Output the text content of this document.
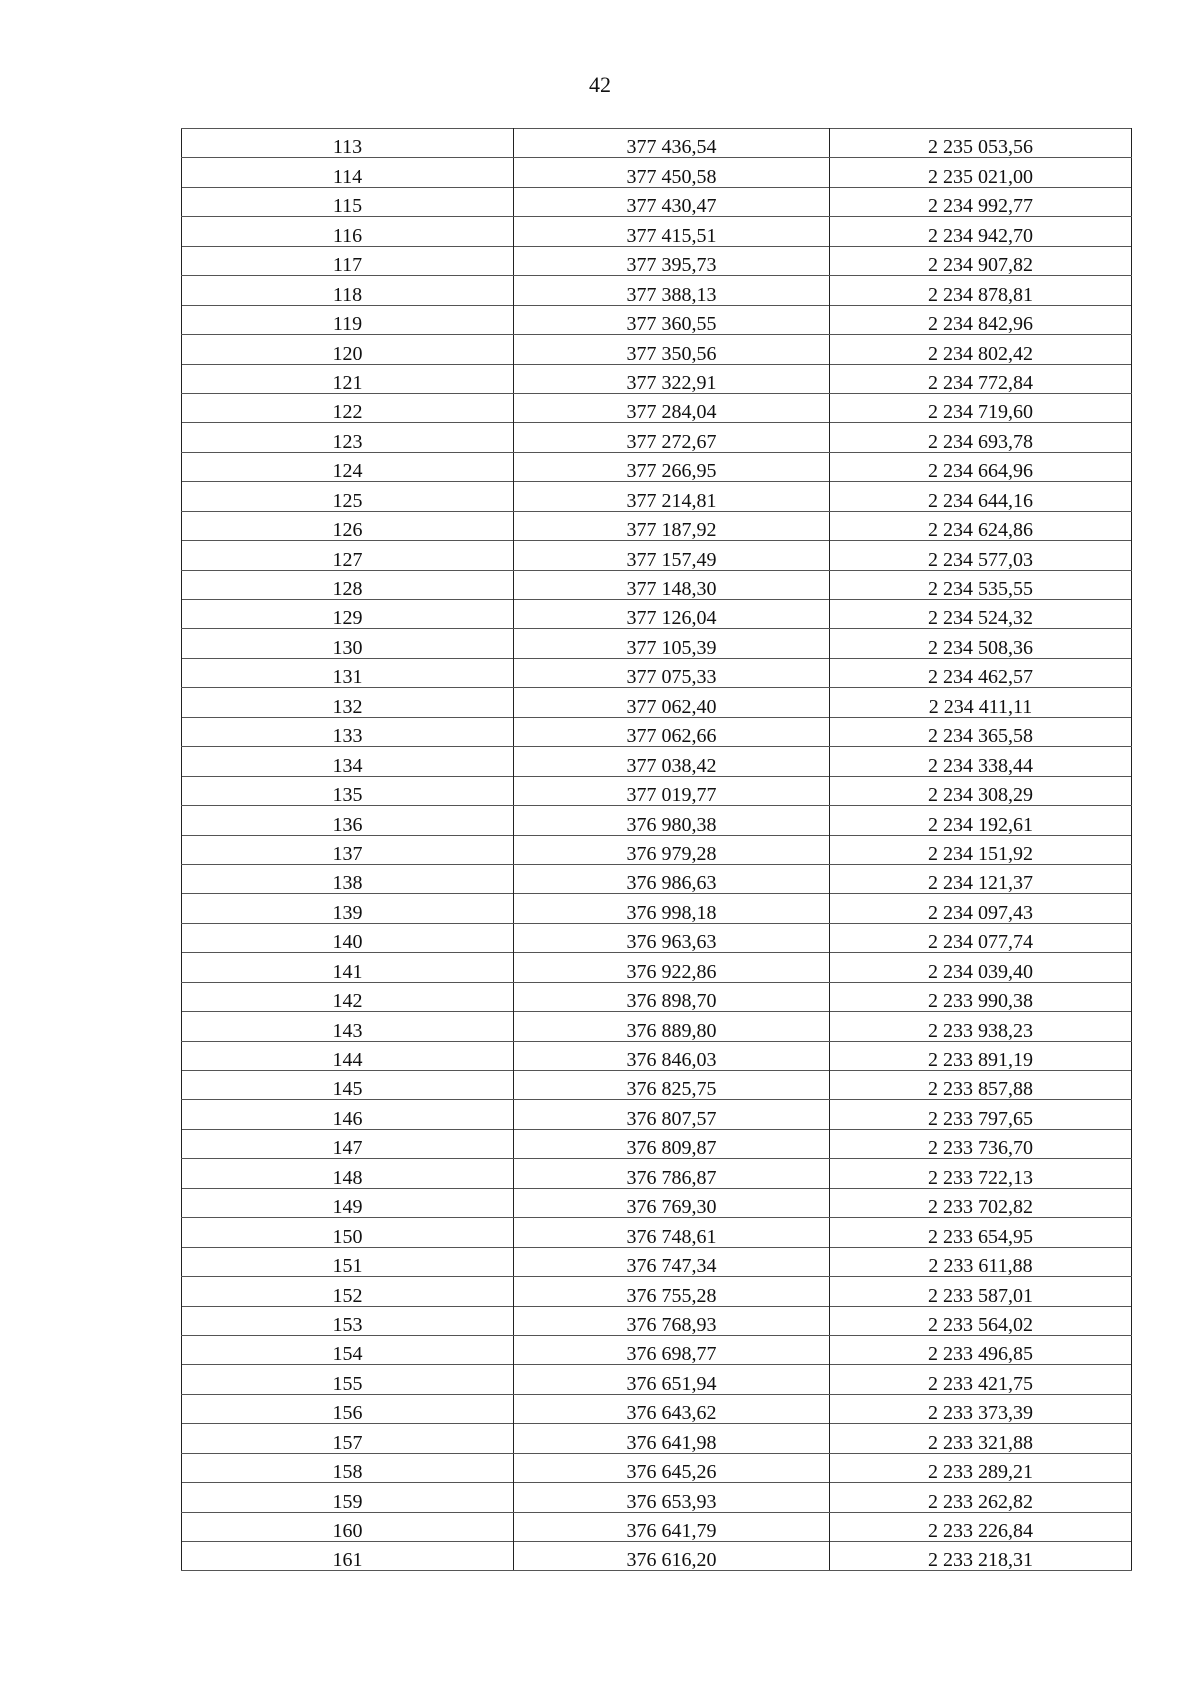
42
113	377 436,54	2 235 053,56
114	377 450,58	2 235 021,00
115	377 430,47	2 234 992,77
116	377 415,51	2 234 942,70
117	377 395,73	2 234 907,82
118	377 388,13	2 234 878,81
119	377 360,55	2 234 842,96
120	377 350,56	2 234 802,42
121	377 322,91	2 234 772,84
122	377 284,04	2 234 719,60
123	377 272,67	2 234 693,78
124	377 266,95	2 234 664,96
125	377 214,81	2 234 644,16
126	377 187,92	2 234 624,86
127	377 157,49	2 234 577,03
128	377 148,30	2 234 535,55
129	377 126,04	2 234 524,32
130	377 105,39	2 234 508,36
131	377 075,33	2 234 462,57
132	377 062,40	2 234 411,11
133	377 062,66	2 234 365,58
134	377 038,42	2 234 338,44
135	377 019,77	2 234 308,29
136	376 980,38	2 234 192,61
137	376 979,28	2 234 151,92
138	376 986,63	2 234 121,37
139	376 998,18	2 234 097,43
140	376 963,63	2 234 077,74
141	376 922,86	2 234 039,40
142	376 898,70	2 233 990,38
143	376 889,80	2 233 938,23
144	376 846,03	2 233 891,19
145	376 825,75	2 233 857,88
146	376 807,57	2 233 797,65
147	376 809,87	2 233 736,70
148	376 786,87	2 233 722,13
149	376 769,30	2 233 702,82
150	376 748,61	2 233 654,95
151	376 747,34	2 233 611,88
152	376 755,28	2 233 587,01
153	376 768,93	2 233 564,02
154	376 698,77	2 233 496,85
155	376 651,94	2 233 421,75
156	376 643,62	2 233 373,39
157	376 641,98	2 233 321,88
158	376 645,26	2 233 289,21
159	376 653,93	2 233 262,82
160	376 641,79	2 233 226,84
161	376 616,20	2 233 218,31
